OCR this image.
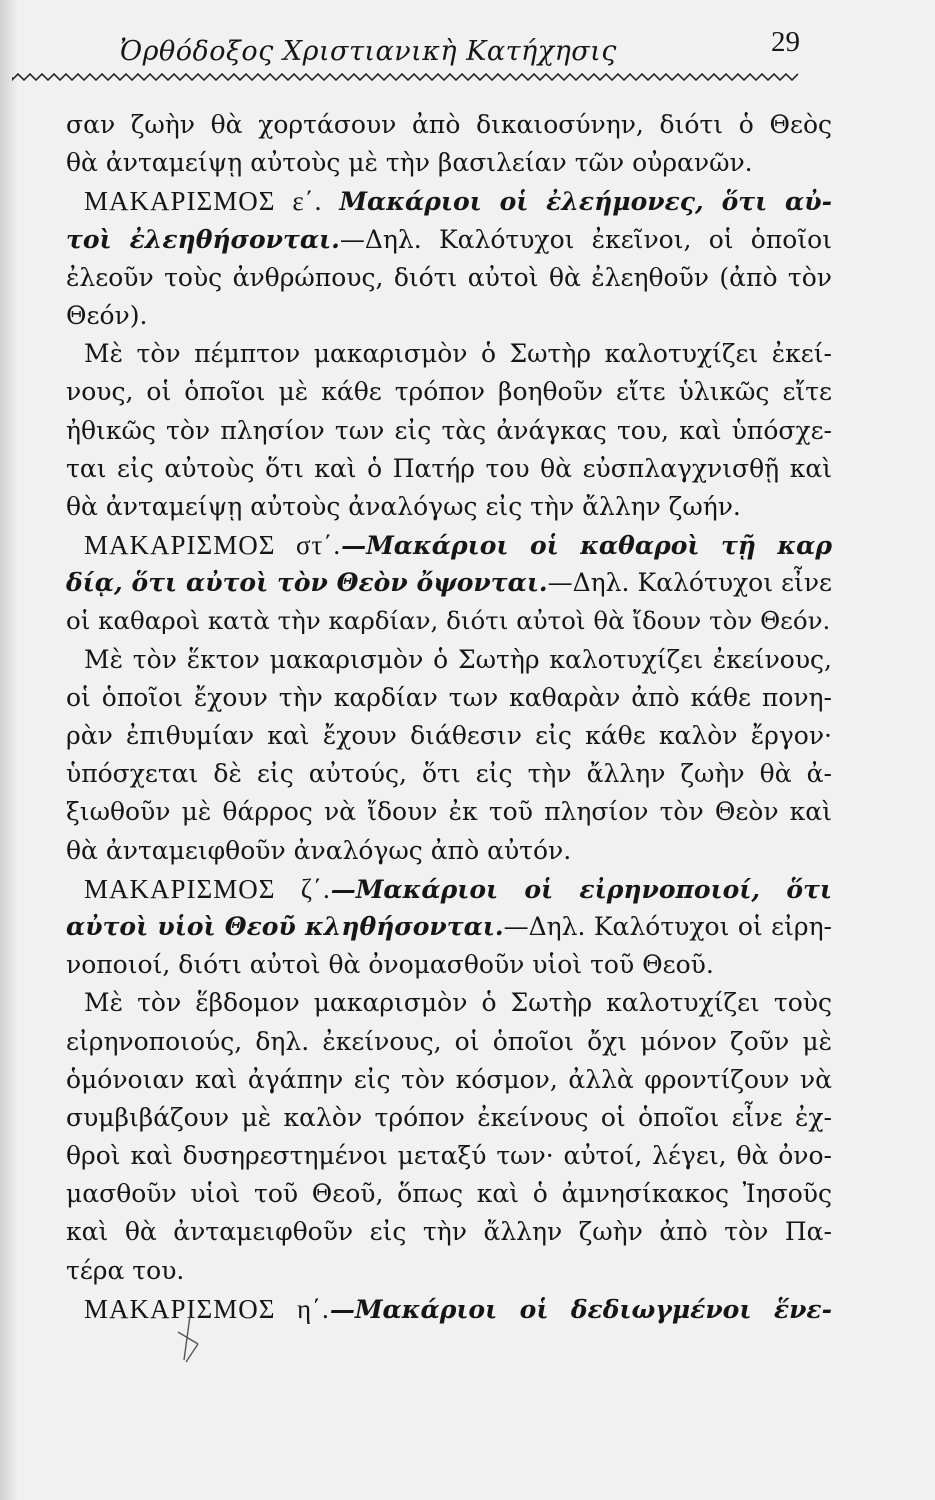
Ὀρθόδοξος Χριστιανικὴ Κατήχησις	29
σαν ζωὴν θὰ χορτάσουν ἀπὸ δικαιοσύνην, διότι ὁ Θεὸς
θὰ ἀνταμείψῃ αὐτοὺς μὲ τὴν βασιλείαν τῶν οὐρανῶν.
ΜΑΚΑΡΙΣΜΟΣ ε΄. Μακάριοι οἱ ἐλεήμονες, ὅτι αὐ-
τοὶ ἐλεηθήσονται.—Δηλ. Καλότυχοι ἐκεῖνοι, οἱ ὁποῖοι
ἐλεοῦν τοὺς ἀνθρώπους, διότι αὐτοὶ θὰ ἐλεηθοῦν (ἀπὸ τὸν
Θεόν).
Μὲ τὸν πέμπτον μακαρισμὸν ὁ Σωτὴρ καλοτυχίζει ἐκεί-
νους, οἱ ὁποῖοι μὲ κάθε τρόπον βοηθοῦν εἴτε ὑλικῶς εἴτε
ἠθικῶς τὸν πλησίον των εἰς τὰς ἀνάγκας του, καὶ ὑπόσχε-
ται εἰς αὐτοὺς ὅτι καὶ ὁ Πατήρ του θὰ εὐσπλαγχνισθῇ καὶ
θὰ ἀνταμείψῃ αὐτοὺς ἀναλόγως εἰς τὴν ἄλλην ζωήν.
ΜΑΚΑΡΙΣΜΟΣ στ΄.—Μακάριοι οἱ καθαροὶ τῇ καρ
δίᾳ, ὅτι αὐτοὶ τὸν Θεὸν ὄψονται.—Δηλ. Καλότυχοι εἶνε
οἱ καθαροὶ κατὰ τὴν καρδίαν, διότι αὐτοὶ θὰ ἴδουν τὸν Θεόν.
Μὲ τὸν ἕκτον μακαρισμὸν ὁ Σωτὴρ καλοτυχίζει ἐκείνους,
οἱ ὁποῖοι ἔχουν τὴν καρδίαν των καθαρὰν ἀπὸ κάθε πονη-
ρὰν ἐπιθυμίαν καὶ ἔχουν διάθεσιν εἰς κάθε καλὸν ἔργον·
ὑπόσχεται δὲ εἰς αὐτούς, ὅτι εἰς τὴν ἄλλην ζωὴν θὰ ἀ-
ξιωθοῦν μὲ θάρρος νὰ ἴδουν ἐκ τοῦ πλησίον τὸν Θεὸν καὶ
θὰ ἀνταμειφθοῦν ἀναλόγως ἀπὸ αὐτόν.
ΜΑΚΑΡΙΣΜΟΣ ζ΄.—Μακάριοι οἱ εἰρηνοποιοί, ὅτι
αὐτοὶ υἱοὶ Θεοῦ κληθήσονται.—Δηλ. Καλότυχοι οἱ εἰρη-
νοποιοί, διότι αὐτοὶ θὰ ὀνομασθοῦν υἱοὶ τοῦ Θεοῦ.
Μὲ τὸν ἕβδομον μακαρισμὸν ὁ Σωτὴρ καλοτυχίζει τοὺς
εἰρηνοποιούς, δηλ. ἐκείνους, οἱ ὁποῖοι ὄχι μόνον ζοῦν μὲ
ὁμόνοιαν καὶ ἀγάπην εἰς τὸν κόσμον, ἀλλὰ φροντίζουν νὰ
συμβιβάζουν μὲ καλὸν τρόπον ἐκείνους οἱ ὁποῖοι εἶνε ἐχ-
θροὶ καὶ δυσηρεστημένοι μεταξύ των· αὐτοί, λέγει, θὰ ὀνο-
μασθοῦν υἱοὶ τοῦ Θεοῦ, ὅπως καὶ ὁ ἀμνησίκακος Ἰησοῦς
καὶ θὰ ἀνταμειφθοῦν εἰς τὴν ἄλλην ζωὴν ἀπὸ τὸν Πα-
τέρα του.
ΜΑΚΑΡΙΣΜΟΣ η΄.—Μακάριοι οἱ δεδιωγμένοι ἕνε-
